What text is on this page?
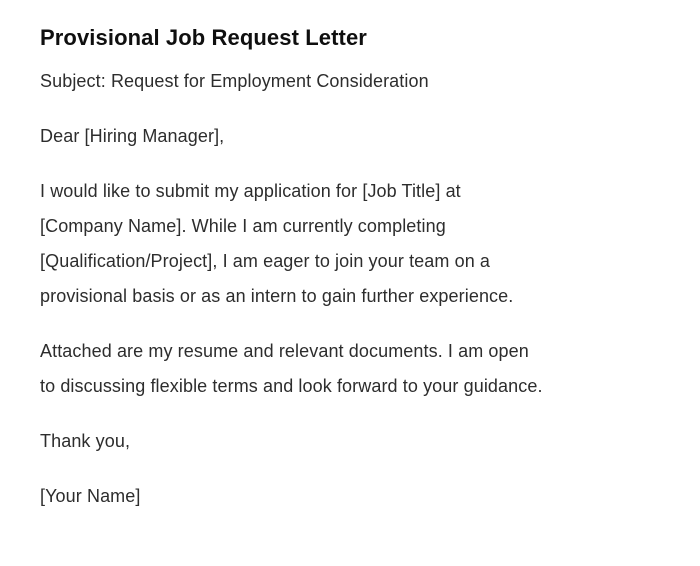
Provisional Job Request Letter

Subject: Request for Employment Consideration

Dear [Hiring Manager],

I would like to submit my application for [Job Title] at
[Company Name]. While I am currently completing
[Qualification/Project], I am eager to join your team on a
provisional basis or as an intern to gain further experience.

Attached are my resume and relevant documents. I am open
to discussing flexible terms and look forward to your guidance.

Thank you,

[Your Name]
